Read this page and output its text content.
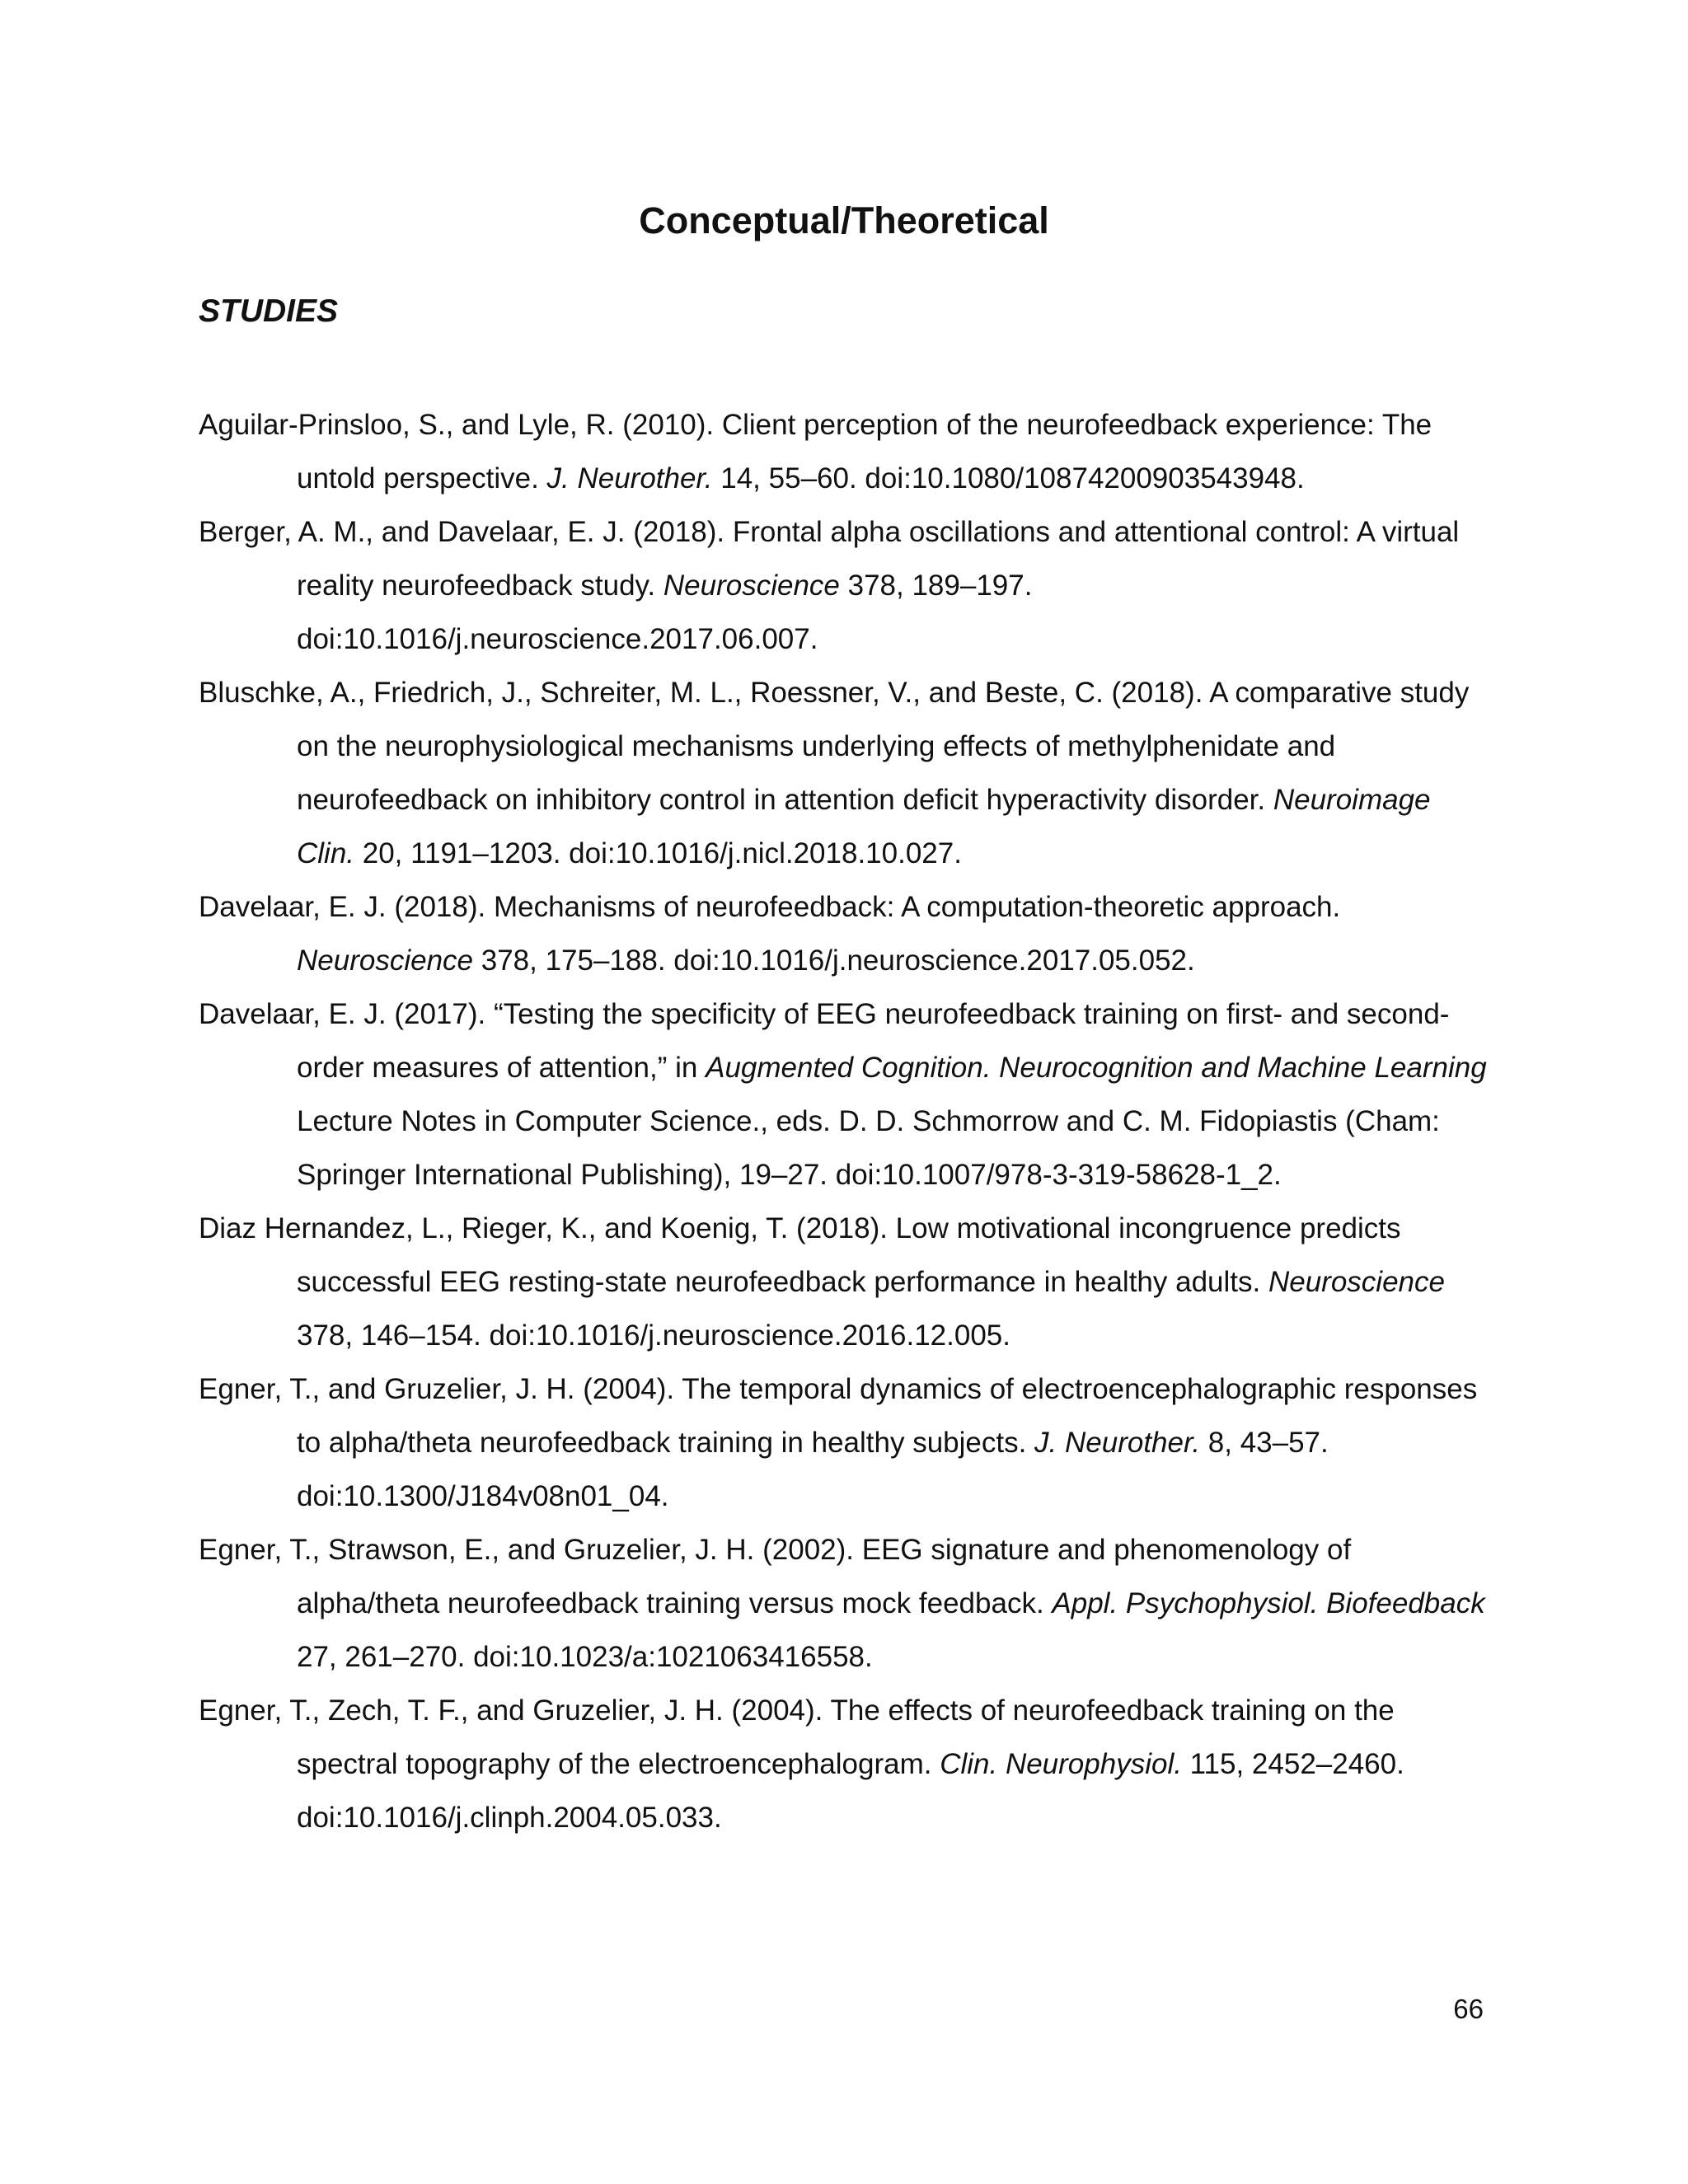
Conceptual/Theoretical
STUDIES
Aguilar-Prinsloo, S., and Lyle, R. (2010). Client perception of the neurofeedback experience: The untold perspective. J. Neurother. 14, 55–60. doi:10.1080/10874200903543948.
Berger, A. M., and Davelaar, E. J. (2018). Frontal alpha oscillations and attentional control: A virtual reality neurofeedback study. Neuroscience 378, 189–197. doi:10.1016/j.neuroscience.2017.06.007.
Bluschke, A., Friedrich, J., Schreiter, M. L., Roessner, V., and Beste, C. (2018). A comparative study on the neurophysiological mechanisms underlying effects of methylphenidate and neurofeedback on inhibitory control in attention deficit hyperactivity disorder. Neuroimage Clin. 20, 1191–1203. doi:10.1016/j.nicl.2018.10.027.
Davelaar, E. J. (2018). Mechanisms of neurofeedback: A computation-theoretic approach. Neuroscience 378, 175–188. doi:10.1016/j.neuroscience.2017.05.052.
Davelaar, E. J. (2017). “Testing the specificity of EEG neurofeedback training on first- and second-order measures of attention,” in Augmented Cognition. Neurocognition and Machine Learning Lecture Notes in Computer Science., eds. D. D. Schmorrow and C. M. Fidopiastis (Cham: Springer International Publishing), 19–27. doi:10.1007/978-3-319-58628-1_2.
Diaz Hernandez, L., Rieger, K., and Koenig, T. (2018). Low motivational incongruence predicts successful EEG resting-state neurofeedback performance in healthy adults. Neuroscience 378, 146–154. doi:10.1016/j.neuroscience.2016.12.005.
Egner, T., and Gruzelier, J. H. (2004). The temporal dynamics of electroencephalographic responses to alpha/theta neurofeedback training in healthy subjects. J. Neurother. 8, 43–57. doi:10.1300/J184v08n01_04.
Egner, T., Strawson, E., and Gruzelier, J. H. (2002). EEG signature and phenomenology of alpha/theta neurofeedback training versus mock feedback. Appl. Psychophysiol. Biofeedback 27, 261–270. doi:10.1023/a:1021063416558.
Egner, T., Zech, T. F., and Gruzelier, J. H. (2004). The effects of neurofeedback training on the spectral topography of the electroencephalogram. Clin. Neurophysiol. 115, 2452–2460. doi:10.1016/j.clinph.2004.05.033.
66
